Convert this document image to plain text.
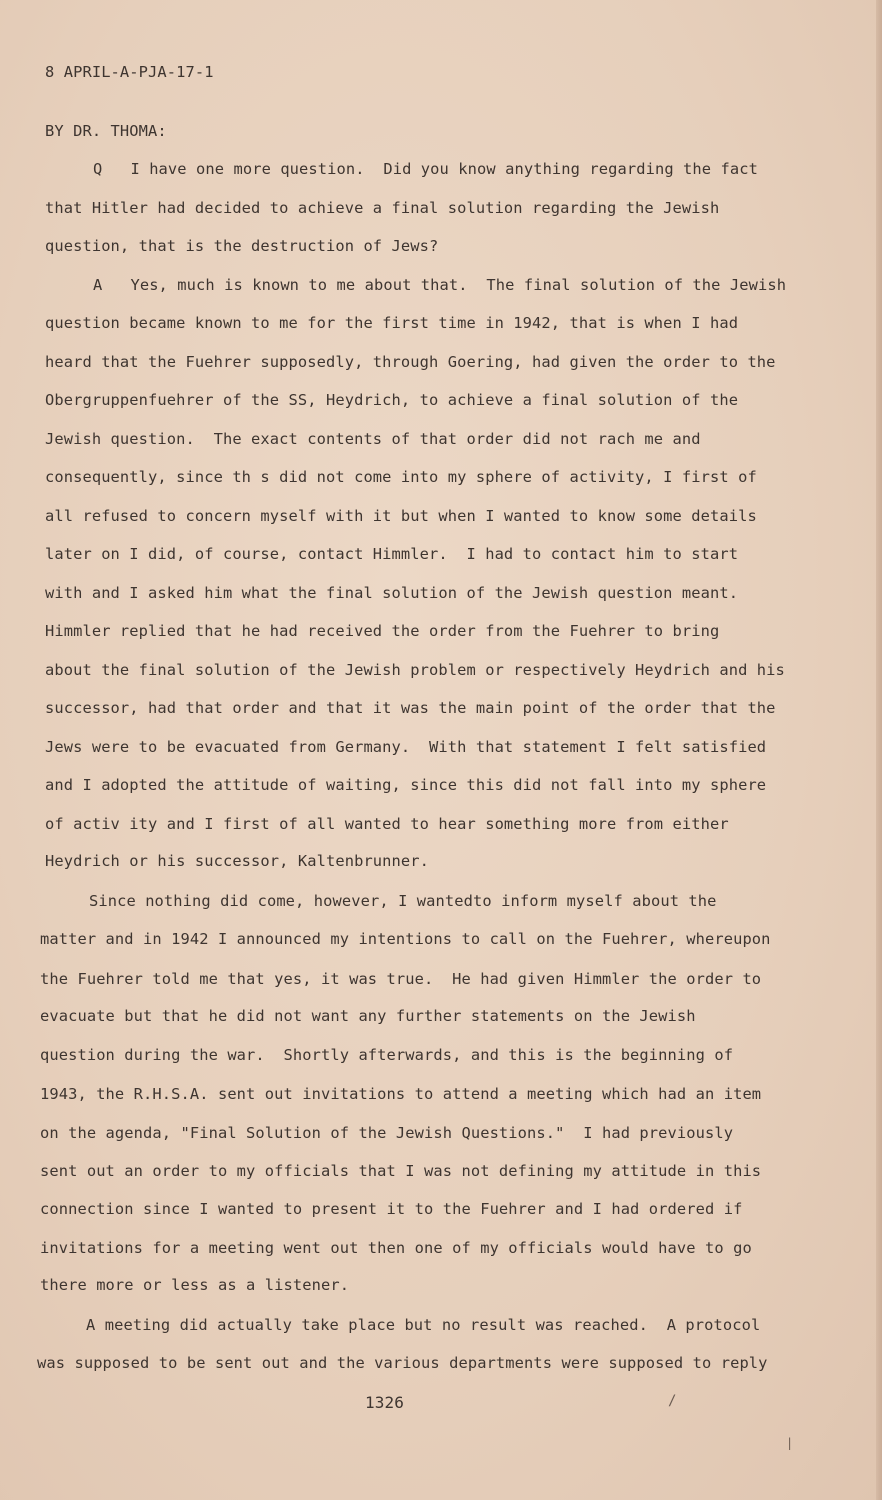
8 APRIL-A-PJA-17-1
BY DR. THOMA:
Q   I have one more question.  Did you know anything regarding the fact
that Hitler had decided to achieve a final solution regarding the Jewish
question, that is the destruction of Jews?
A   Yes, much is known to me about that.  The final solution of the Jewish
question became known to me for the first time in 1942, that is when I had
heard that the Fuehrer supposedly, through Goering, had given the order to the
Obergruppenfuehrer of the SS, Heydrich, to achieve a final solution of the
Jewish question.  The exact contents of that order did not rach me and
consequently, since th s did not come into my sphere of activity, I first of
all refused to concern myself with it but when I wanted to know some details
later on I did, of course, contact Himmler.  I had to contact him to start
with and I asked him what the final solution of the Jewish question meant.
Himmler replied that he had received the order from the Fuehrer to bring
about the final solution of the Jewish problem or respectively Heydrich and his
successor, had that order and that it was the main point of the order that the
Jews were to be evacuated from Germany.  With that statement I felt satisfied
and I adopted the attitude of waiting, since this did not fall into my sphere
of activ ity and I first of all wanted to hear something more from either
Heydrich or his successor, Kaltenbrunner.
Since nothing did come, however, I wantedto inform myself about the
matter and in 1942 I announced my intentions to call on the Fuehrer, whereupon
the Fuehrer told me that yes, it was true.  He had given Himmler the order to
evacuate but that he did not want any further statements on the Jewish
question during the war.  Shortly afterwards, and this is the beginning of
1943, the R.H.S.A. sent out invitations to attend a meeting which had an item
on the agenda, "Final Solution of the Jewish Questions."  I had previously
sent out an order to my officials that I was not defining my attitude in this
connection since I wanted to present it to the Fuehrer and I had ordered if
invitations for a meeting went out then one of my officials would have to go
there more or less as a listener.
A meeting did actually take place but no result was reached.  A protocol
was supposed to be sent out and the various departments were supposed to reply
1326	/
|
